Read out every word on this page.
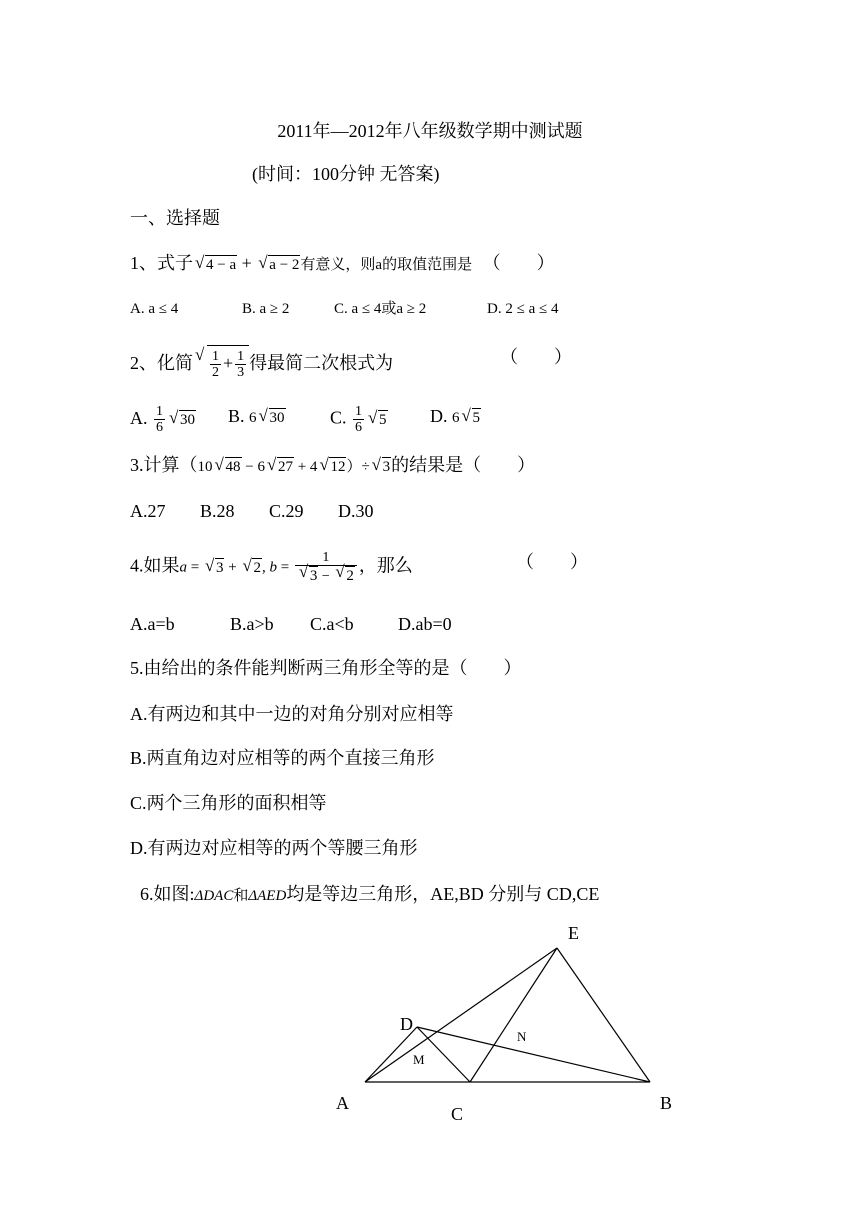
2011年—2012年八年级数学期中测试题
(时间：100分钟 无答案)
一、选择题
1、式子 √ 4 − a + √ a − 2有意义，则a的取值范围是 （　　）
A. a ≤ 4	B. a ≥ 2	C. a ≤ 4或a ≥ 2	D. 2 ≤ a ≤ 4
2、化简 √ $\frac{1}{2} + \frac{1}{3}$ 得最简二次根式为	（　　）
A. $\frac{1}{6}$ √ 30 B. 6 √ 30	C. $\frac{1}{6}$ √ 5 D. 6 √ 5
3.计算（10 √ 48 − 6 √ 27 + 4 √ 12）÷ √ 3的结果是（　　）
A.27 B.28 C.29 D.30
4.如果a = √ 3 + √ 2, b = 1
√ 3 − √ 2 ，那么	（　　）
A.a=b	B.a>b C.a<b D.ab=0
5.由给出的条件能判断两三角形全等的是（　　）
A.有两边和其中一边的对角分别对应相等
B.两直角边对应相等的两个直接三角形
C.两个三角形的面积相等
D.有两边对应相等的两个等腰三角形
6.如图:ΔDAC和ΔAED均是等边三角形，AE,BD 分别与 CD,CE
A	B
C
D
E
M
N
